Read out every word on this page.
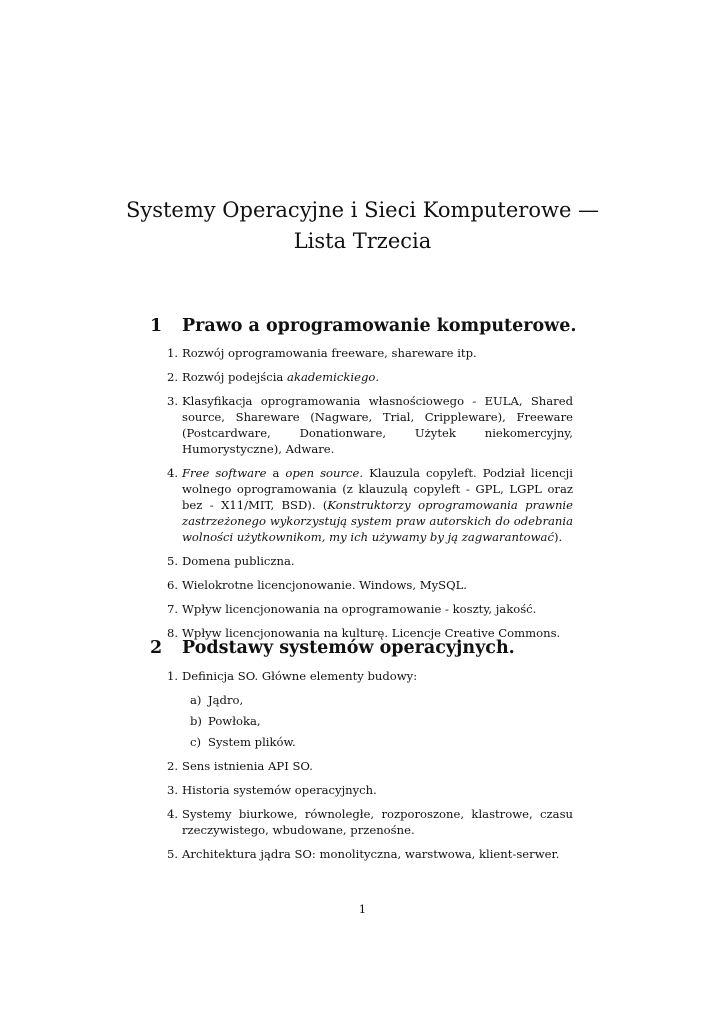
Systemy Operacyjne i Sieci Komputerowe —
Lista Trzecia
1 Prawo a oprogramowanie komputerowe.
1. Rozwój oprogramowania freeware, shareware itp.
2. Rozwój podejścia akademickiego.
3. Klasyfikacja oprogramowania własnościowego - EULA, Shared source, Shareware (Nagware, Trial, Crippleware), Freeware (Postcardware, Donationware, Użytek niekomercyjny, Humorystyczne), Adware.
4. Free software a open source. Klauzula copyleft. Podział licencji wolnego oprogramowania (z klauzulą copyleft - GPL, LGPL oraz bez - X11/MIT, BSD). (Konstruktorzy oprogramowania prawnie zastrzeżonego wykorzystują system praw autorskich do odebrania wolności użytkownikom, my ich używamy by ją zagwarantować).
5. Domena publiczna.
6. Wielokrotne licencjonowanie. Windows, MySQL.
7. Wpływ licencjonowania na oprogramowanie - koszty, jakość.
8. Wpływ licencjonowania na kulturę. Licencje Creative Commons.
2 Podstawy systemów operacyjnych.
1. Definicja SO. Główne elementy budowy:
a) Jądro,
b) Powłoka,
c) System plików.
2. Sens istnienia API SO.
3. Historia systemów operacyjnych.
4. Systemy biurkowe, równoległe, rozporoszone, klastrowe, czasu rzeczywistego, wbudowane, przenośne.
5. Architektura jądra SO: monolityczna, warstwowa, klient-serwer.
1
